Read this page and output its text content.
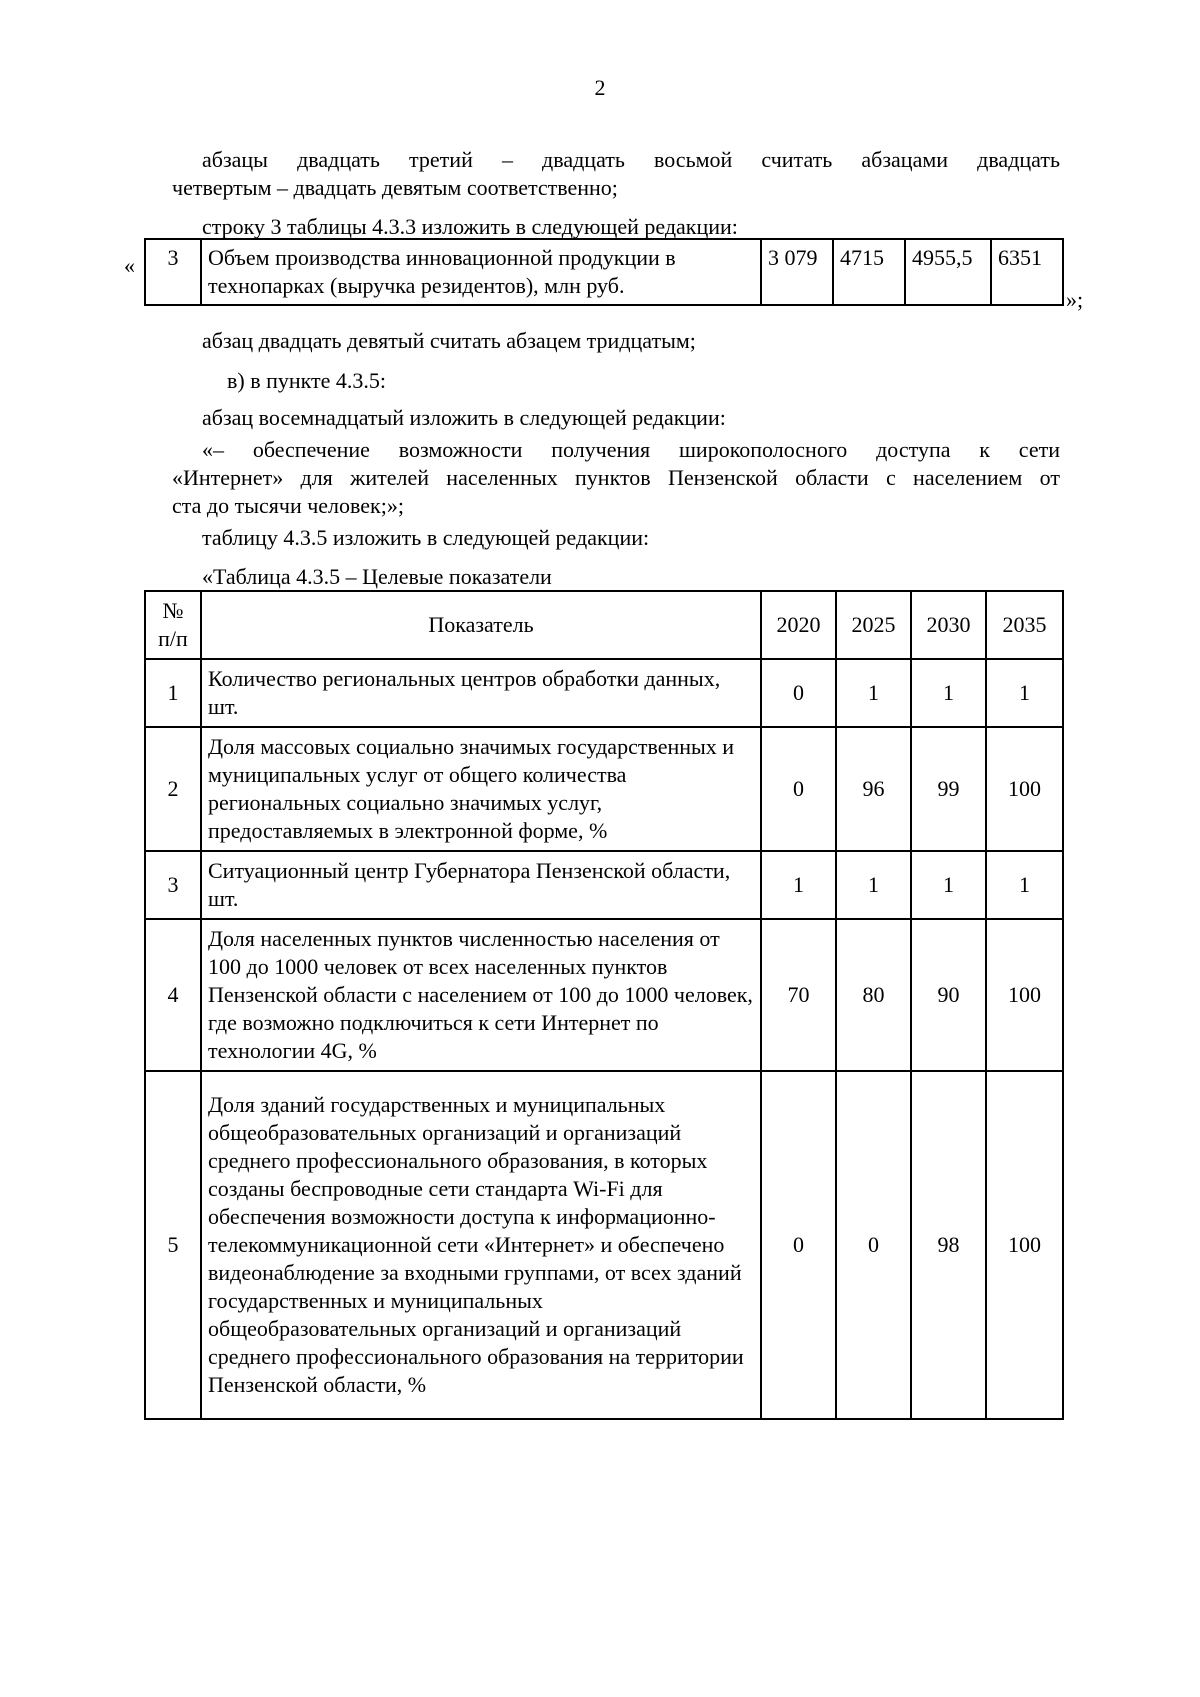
2
абзацы двадцать третий – двадцать восьмой считать абзацами двадцать
четвертым – двадцать девятым соответственно;
строку 3 таблицы 4.3.3 изложить в следующей редакции:
« 3	Объем производства инновационной продукции в технопарках (выручка резидентов), млн руб.	3 079	4715	4955,5	6351
»;
абзац двадцать девятый считать абзацем тридцатым;
в) в пункте 4.3.5:
абзац восемнадцатый изложить в следующей редакции:
«– обеспечение возможности получения широкополосного доступа к сети
«Интернет» для жителей населенных пунктов Пензенской области с населением от
ста до тысячи человек;»;
таблицу 4.3.5 изложить в следующей редакции:
«Таблица 4.3.5 – Целевые показатели
№ п/п	Показатель	2020	2025	2030	2035
1	Количество региональных центров обработки данных, шт.	0	1	1	1
2	Доля массовых социально значимых государственных и муниципальных услуг от общего количества региональных социально значимых услуг, предоставляемых в электронной форме, %	0	96	99	100
3	Ситуационный центр Губернатора Пензенской области, шт.	1	1	1	1
4	Доля населенных пунктов численностью населения от 100 до 1000 человек от всех населенных пунктов Пензенской области с населением от 100 до 1000 человек, где возможно подключиться к сети Интернет по технологии 4G, %	70	80	90	100
5	Доля зданий государственных и муниципальных общеобразовательных организаций и организаций среднего профессионального образования, в которых созданы беспроводные сети стандарта Wi-Fi для обеспечения возможности доступа к информационно-телекоммуникационной сети «Интернет» и обеспечено видеонаблюдение за входными группами, от всех зданий государственных и муниципальных общеобразовательных организаций и организаций среднего профессионального образования на территории Пензенской области, %	0	0	98	100
